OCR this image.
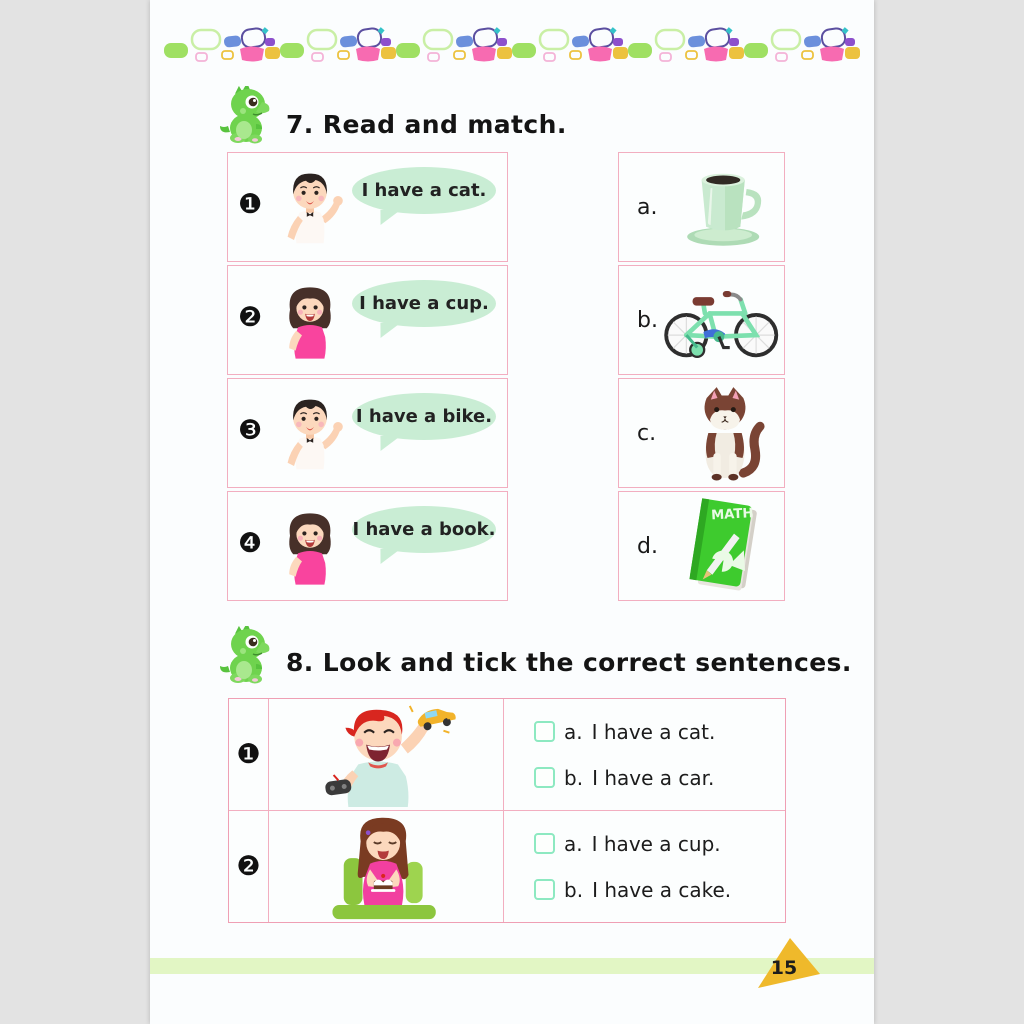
7. Read and match.
❶	I have a cat.
❷	I have a cup.
❸	I have a bike.
❹	I have a book.
a.
b.
c.
d.
MATH
8. Look and tick the correct sentences.
❶
a. I have a cat.
b. I have a car.
❷
a. I have a cup.
b. I have a cake.
15
